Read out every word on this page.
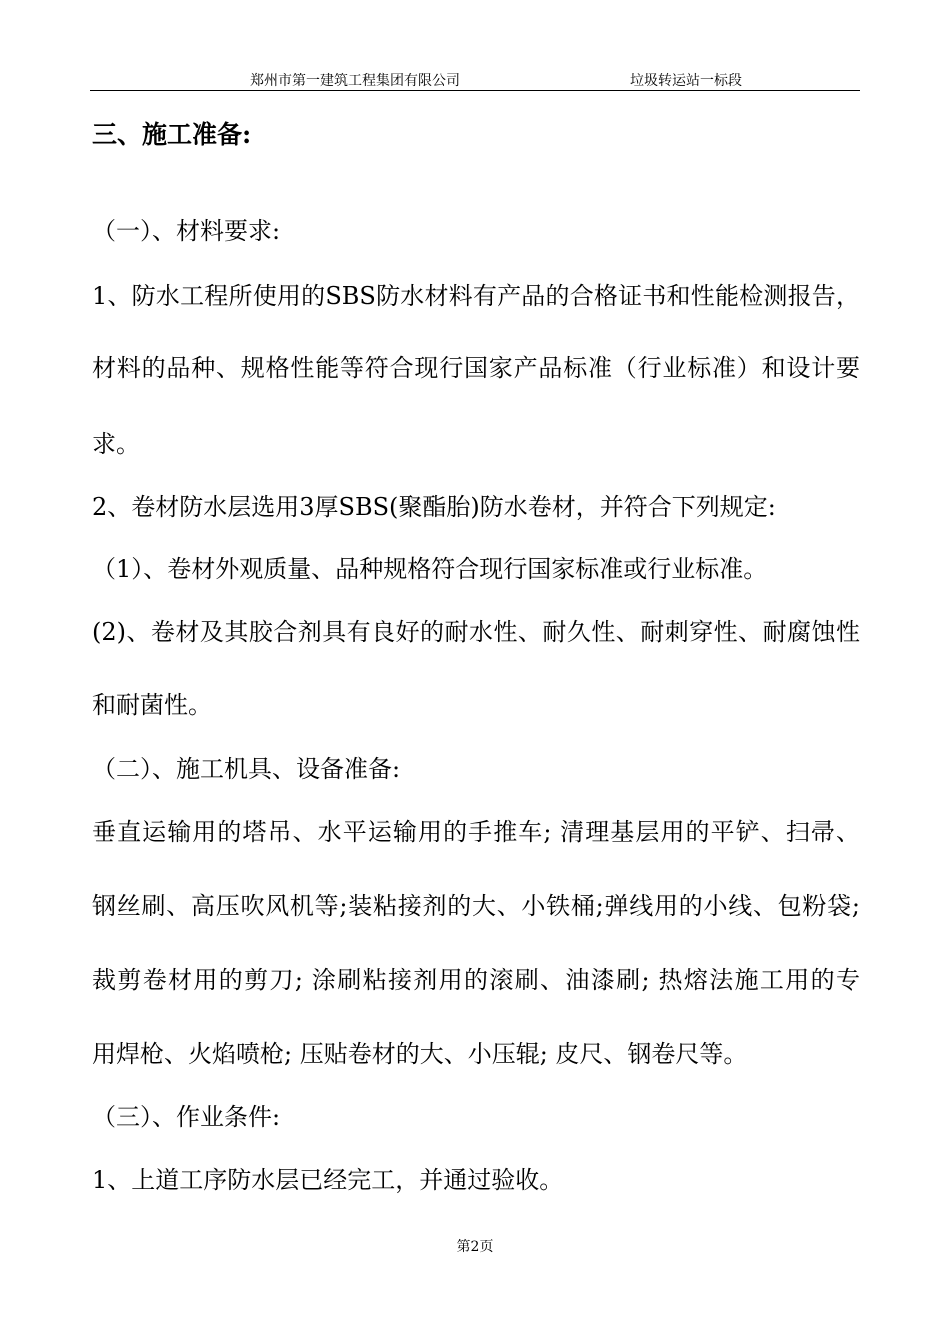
郑州市第一建筑工程集团有限公司	垃圾转运站一标段
三、施工准备:
（一）、材料要求:
1、防水工程所使用的SBS防水材料有产品的合格证书和性能检测报告，
材料的品种、规格性能等符合现行国家产品标准（行业标准）和设计要
求。
2、卷材防水层选用3厚SBS(聚酯胎)防水卷材，并符合下列规定:
（1）、卷材外观质量、品种规格符合现行国家标准或行业标准。
(2)、卷材及其胶合剂具有良好的耐水性、耐久性、耐刺穿性、耐腐蚀性
和耐菌性。
（二）、施工机具、设备准备:
垂直运输用的塔吊、水平运输用的手推车; 清理基层用的平铲、扫帚、
钢丝刷、高压吹风机等;装粘接剂的大、小铁桶;弹线用的小线、包粉袋;
裁剪卷材用的剪刀; 涂刷粘接剂用的滚刷、油漆刷; 热熔法施工用的专
用焊枪、火焰喷枪; 压贴卷材的大、小压辊; 皮尺、钢卷尺等。
（三）、作业条件:
1、上道工序防水层已经完工，并通过验收。
第2页
